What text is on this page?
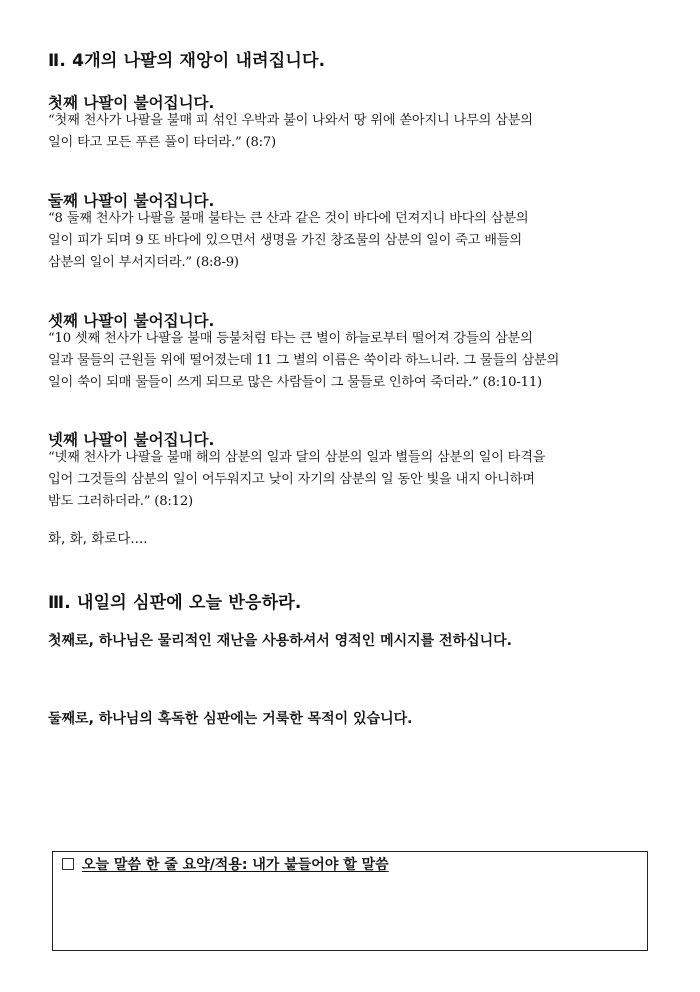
Ⅱ. 4개의 나팔의 재앙이 내려집니다.
첫째 나팔이 불어집니다.
“첫째 천사가 나팔을 불매 피 섞인 우박과 불이 나와서 땅 위에 쏟아지니 나무의 삼분의
일이 타고 모든 푸른 풀이 타더라.” (8:7)
둘째 나팔이 불어집니다.
“8 둘째 천사가 나팔을 불매 불타는 큰 산과 같은 것이 바다에 던져지니 바다의 삼분의
일이 피가 되며 9 또 바다에 있으면서 생명을 가진 창조물의 삼분의 일이 죽고 배들의
삼분의 일이 부서지더라.” (8:8-9)
셋째 나팔이 불어집니다.
“10 셋째 천사가 나팔을 불매 등불처럼 타는 큰 별이 하늘로부터 떨어져 강들의 삼분의
일과 물들의 근원들 위에 떨어졌는데 11 그 별의 이름은 쑥이라 하느니라. 그 물들의 삼분의
일이 쑥이 되매 물들이 쓰게 되므로 많은 사람들이 그 물들로 인하여 죽더라.” (8:10-11)
넷째 나팔이 불어집니다.
“넷째 천사가 나팔을 불매 해의 삼분의 일과 달의 삼분의 일과 별들의 삼분의 일이 타격을
입어 그것들의 삼분의 일이 어두워지고 낮이 자기의 삼분의 일 동안 빛을 내지 아니하며
밤도 그러하더라.” (8:12)
화, 화, 화로다....
Ⅲ. 내일의 심판에 오늘 반응하라.
첫째로, 하나님은 물리적인 재난을 사용하셔서 영적인 메시지를 전하십니다.
둘째로, 하나님의 혹독한 심판에는 거룩한 목적이 있습니다.
오늘 말씀 한 줄 요약/적용: 내가 붙들어야 할 말씀
